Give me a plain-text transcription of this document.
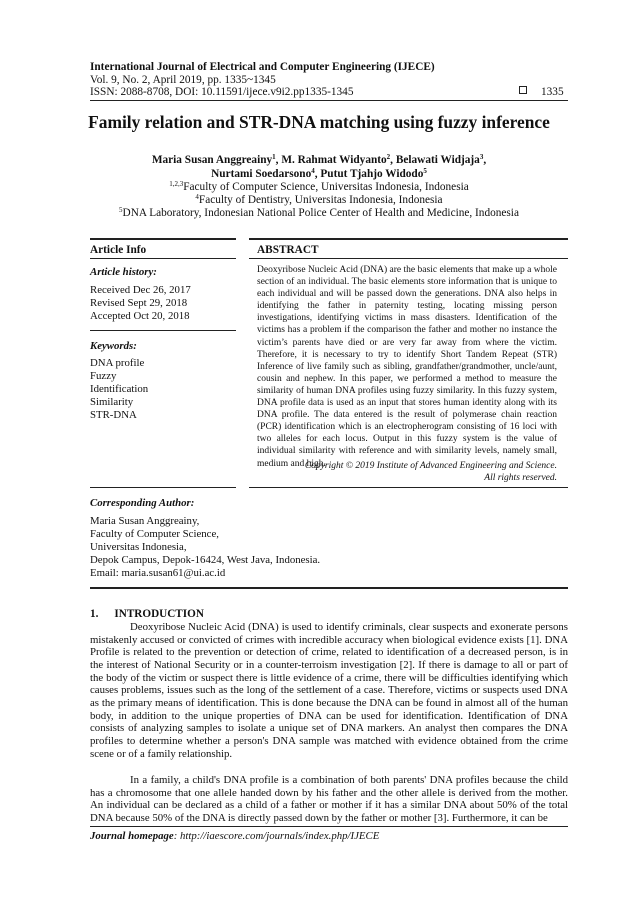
International Journal of Electrical and Computer Engineering (IJECE)
Vol. 9, No. 2, April 2019, pp. 1335~1345
ISSN: 2088-8708, DOI: 10.11591/ijece.v9i2.pp1335-1345	1335
Family relation and STR-DNA matching using fuzzy inference
Maria Susan Anggreainy$^1$, M. Rahmat Widyanto$^2$, Belawati Widjaja$^3$,
Nurtami Soedarsono$^4$, Putut Tjahjo Widodo$^5$
$^{1,2,3}$Faculty of Computer Science, Universitas Indonesia, Indonesia
$^4$Faculty of Dentistry, Universitas Indonesia, Indonesia
$^5$DNA Laboratory, Indonesian National Police Center of Health and Medicine, Indonesia
Article Info	ABSTRACT
Article history:
Received Dec 26, 2017
Revised Sept 29, 2018
Accepted Oct 20, 2018
Keywords:
DNA profile
Fuzzy
Identification
Similarity
STR-DNA
Deoxyribose Nucleic Acid (DNA) are the basic elements that make up a whole section of an individual. The basic elements store information that is unique to each individual and will be passed down the generations. DNA also helps in identifying the father in paternity testing, locating missing person investigations, identifying victims in mass disasters. Identification of the victims has a problem if the comparison the father and mother no instance the victim’s parents have died or are very far away from where the victim. Therefore, it is necessary to try to identify Short Tandem Repeat (STR) Inference of live family such as sibling, grandfather/grandmother, uncle/aunt, cousin and nephew. In this paper, we performed a method to measure the similarity of human DNA profiles using fuzzy similarity. In this fuzzy system, DNA profile data is used as an input that stores human identity along with its DNA profile. The data entered is the result of polymerase chain reaction (PCR) identification which is an electropherogram consisting of 16 loci with two alleles for each locus. Output in this fuzzy system is the value of individual similarity with reference and with similarity levels, namely small, medium and high.
Copyright © 2019 Institute of Advanced Engineering and Science.
All rights reserved.
Corresponding Author:
Maria Susan Anggreainy,
Faculty of Computer Science,
Universitas Indonesia,
Depok Campus, Depok-16424, West Java, Indonesia.
Email: maria.susan61@ui.ac.id
1. INTRODUCTION
Deoxyribose Nucleic Acid (DNA) is used to identify criminals, clear suspects and exonerate persons mistakenly accused or convicted of crimes with incredible accuracy when biological evidence exists [1]. DNA Profile is related to the prevention or detection of crime, related to identification of a decreased person, is in the interest of National Security or in a counter-terroism investigation [2]. If there is damage to all or part of the body of the victim or suspect there is little evidence of a crime, there will be difficulties identifying which causes problems, issues such as the long of the settlement of a case. Therefore, victims or suspects used DNA as the primary means of identification. This is done because the DNA can be found in almost all of the human body, in addition to the unique properties of DNA can be used for identification. Identification of DNA consists of analyzing samples to isolate a unique set of DNA markers. An analyst then compares the DNA profiles to determine whether a person's DNA sample was matched with evidence obtained from the crime scene or of a family relationship.
In a family, a child's DNA profile is a combination of both parents' DNA profiles because the child has a chromosome that one allele handed down by his father and the other allele is derived from the mother. An individual can be declared as a child of a father or mother if it has a similar DNA about 50% of the total DNA because 50% of the DNA is directly passed down by the father or mother [3]. Furthermore, it can be
Journal homepage: http://iaescore.com/journals/index.php/IJECE
